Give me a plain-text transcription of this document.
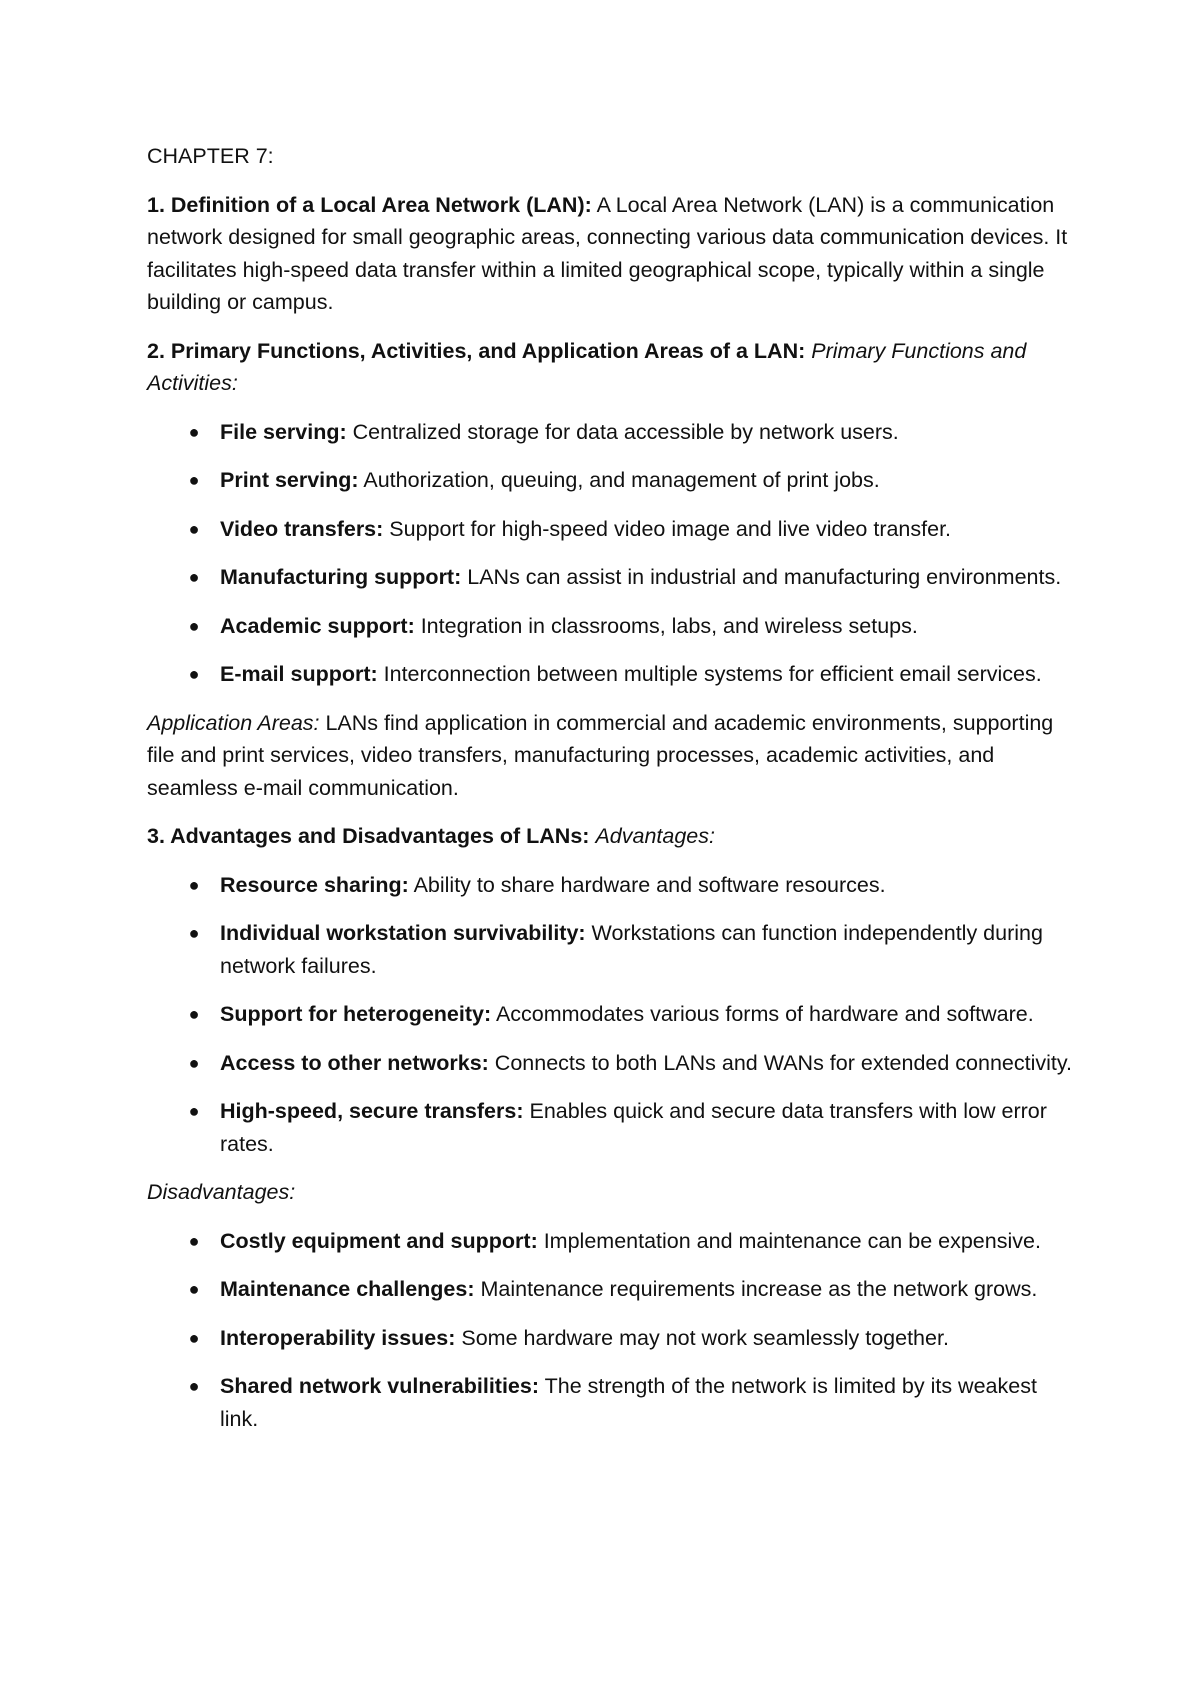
CHAPTER 7:

1. Definition of a Local Area Network (LAN): A Local Area Network (LAN) is a communication network designed for small geographic areas, connecting various data communication devices. It facilitates high-speed data transfer within a limited geographical scope, typically within a single building or campus.

2. Primary Functions, Activities, and Application Areas of a LAN: Primary Functions and Activities:

● File serving: Centralized storage for data accessible by network users.
● Print serving: Authorization, queuing, and management of print jobs.
● Video transfers: Support for high-speed video image and live video transfer.
● Manufacturing support: LANs can assist in industrial and manufacturing environments.
● Academic support: Integration in classrooms, labs, and wireless setups.
● E-mail support: Interconnection between multiple systems for efficient email services.

Application Areas: LANs find application in commercial and academic environments, supporting file and print services, video transfers, manufacturing processes, academic activities, and seamless e-mail communication.

3. Advantages and Disadvantages of LANs: Advantages:

● Resource sharing: Ability to share hardware and software resources.
● Individual workstation survivability: Workstations can function independently during network failures.
● Support for heterogeneity: Accommodates various forms of hardware and software.
● Access to other networks: Connects to both LANs and WANs for extended connectivity.
● High-speed, secure transfers: Enables quick and secure data transfers with low error rates.

Disadvantages:

● Costly equipment and support: Implementation and maintenance can be expensive.
● Maintenance challenges: Maintenance requirements increase as the network grows.
● Interoperability issues: Some hardware may not work seamlessly together.
● Shared network vulnerabilities: The strength of the network is limited by its weakest link.
